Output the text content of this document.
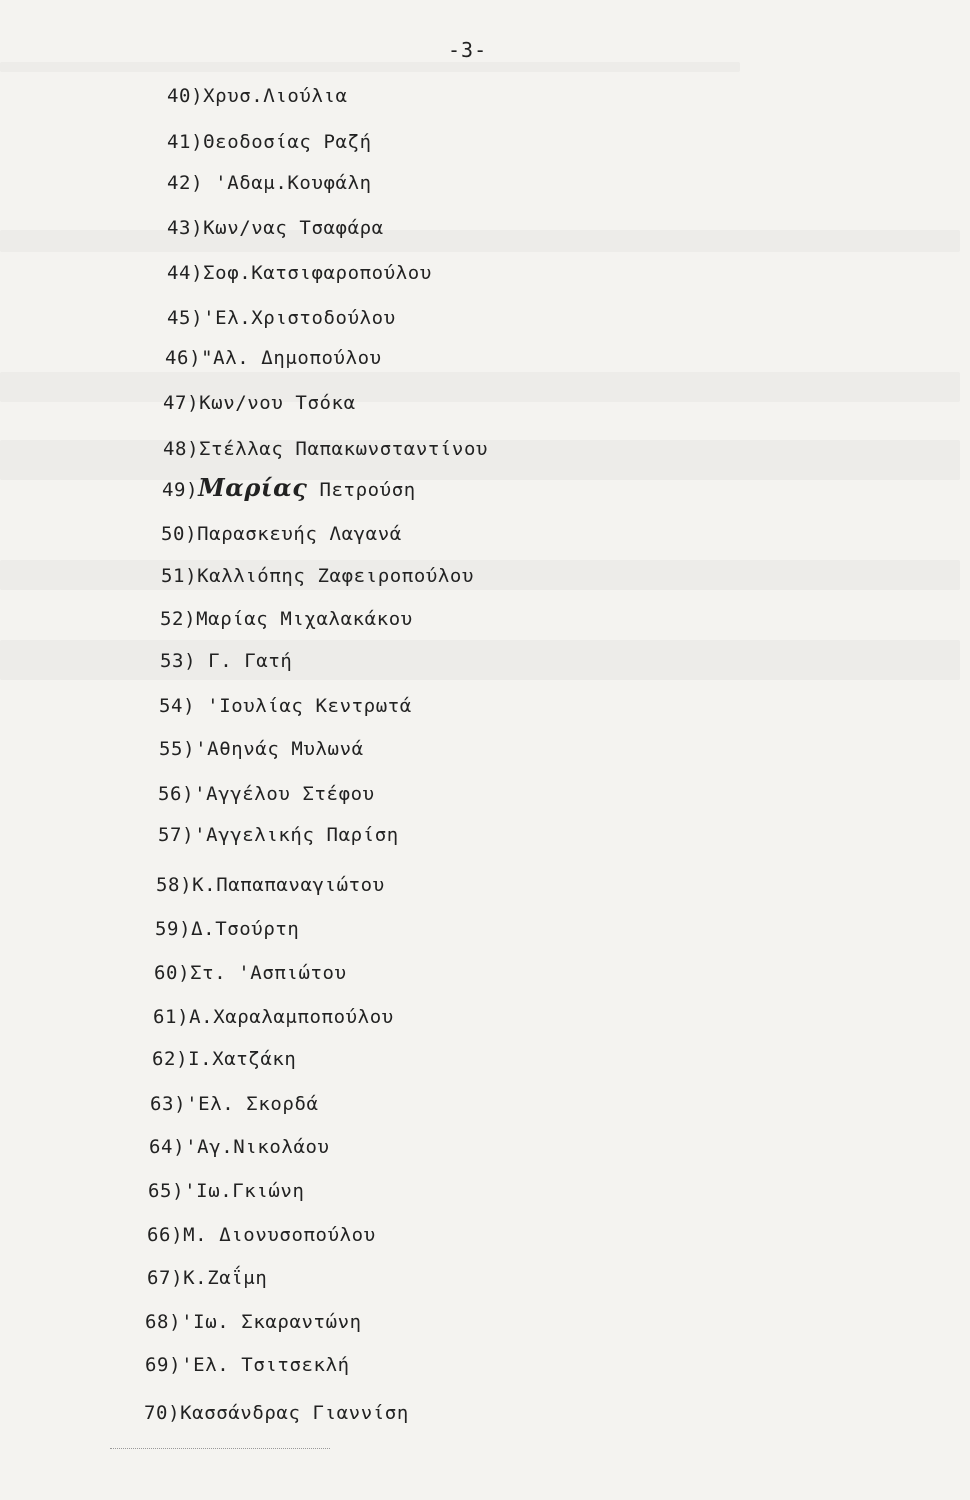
-3-
40)Χρυσ.Λιούλια
41)Θεοδοσίας Ραζή
42) 'Αδαμ.Κουφάλη
43)Κων/νας Τσαφάρα
44)Σοφ.Κατσιφαροπούλου
45)'Ελ.Χριστοδούλου
46)"Αλ. Δημοπούλου
47)Κων/νου Τσόκα
48)Στέλλας Παπακωνσταντίνου
49)Μαρίας Πετρούση
50)Παρασκευής Λαγανά
51)Καλλιόπης Ζαφειροπούλου
52)Μαρίας Μιχαλακάκου
53) Γ. Γατή
54) 'Ιουλίας Κεντρωτά
55)'Αθηνάς Μυλωνά
56)'Αγγέλου Στέφου
57)'Αγγελικής Παρίση
58)Κ.Παπαπαναγιώτου
59)Δ.Τσούρτη
60)Στ. 'Ασπιώτου
61)Α.Χαραλαμποπούλου
62)Ι.Χατζάκη
63)'Ελ. Σκορδά
64)'Αγ.Νικολάου
65)'Ιω.Γκιώνη
66)Μ. Διονυσοπούλου
67)Κ.Ζαΐμη
68)'Ιω. Σκαραντώνη
69)'Ελ. Τσιτσεκλή
70)Κασσάνδρας Γιαννίση
